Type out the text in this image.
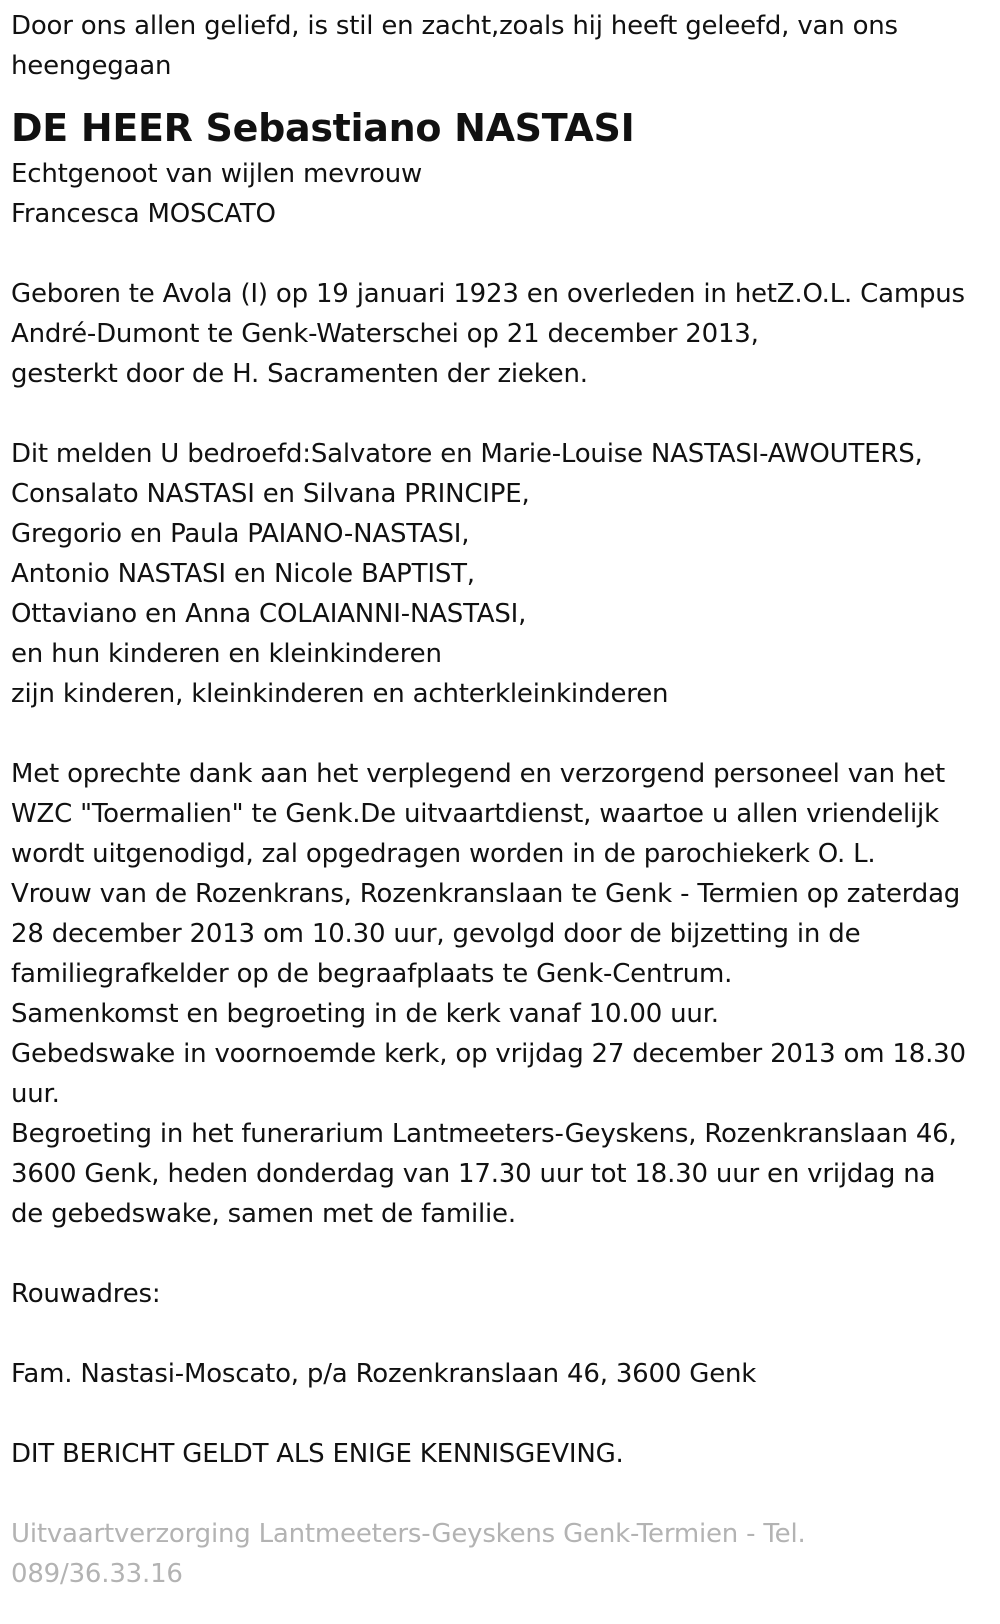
Door ons allen geliefd, is stil en zacht,zoals hij heeft geleefd, van ons
heengegaan
DE HEER Sebastiano NASTASI
Echtgenoot van wijlen mevrouw
Francesca MOSCATO
Geboren te Avola (I) op 19 januari 1923 en overleden in hetZ.O.L. Campus
André-Dumont te Genk-Waterschei op 21 december 2013,
gesterkt door de H. Sacramenten der zieken.
Dit melden U bedroefd:Salvatore en Marie-Louise NASTASI-AWOUTERS,
Consalato NASTASI en Silvana PRINCIPE,
Gregorio en Paula PAIANO-NASTASI,
Antonio NASTASI en Nicole BAPTIST,
Ottaviano en Anna COLAIANNI-NASTASI,
en hun kinderen en kleinkinderen
zijn kinderen, kleinkinderen en achterkleinkinderen
Met oprechte dank aan het verplegend en verzorgend personeel van het
WZC "Toermalien" te Genk.De uitvaartdienst, waartoe u allen vriendelijk
wordt uitgenodigd, zal opgedragen worden in de parochiekerk O. L.
Vrouw van de Rozenkrans, Rozenkranslaan te Genk - Termien op zaterdag
28 december 2013 om 10.30 uur, gevolgd door de bijzetting in de
familiegrafkelder op de begraafplaats te Genk-Centrum.
Samenkomst en begroeting in de kerk vanaf 10.00 uur.
Gebedswake in voornoemde kerk, op vrijdag 27 december 2013 om 18.30
uur.
Begroeting in het funerarium Lantmeeters-Geyskens, Rozenkranslaan 46,
3600 Genk, heden donderdag van 17.30 uur tot 18.30 uur en vrijdag na
de gebedswake, samen met de familie.
Rouwadres:
Fam. Nastasi-Moscato, p/a Rozenkranslaan 46, 3600 Genk
DIT BERICHT GELDT ALS ENIGE KENNISGEVING.
Uitvaartverzorging Lantmeeters-Geyskens Genk-Termien - Tel.
089/36.33.16
